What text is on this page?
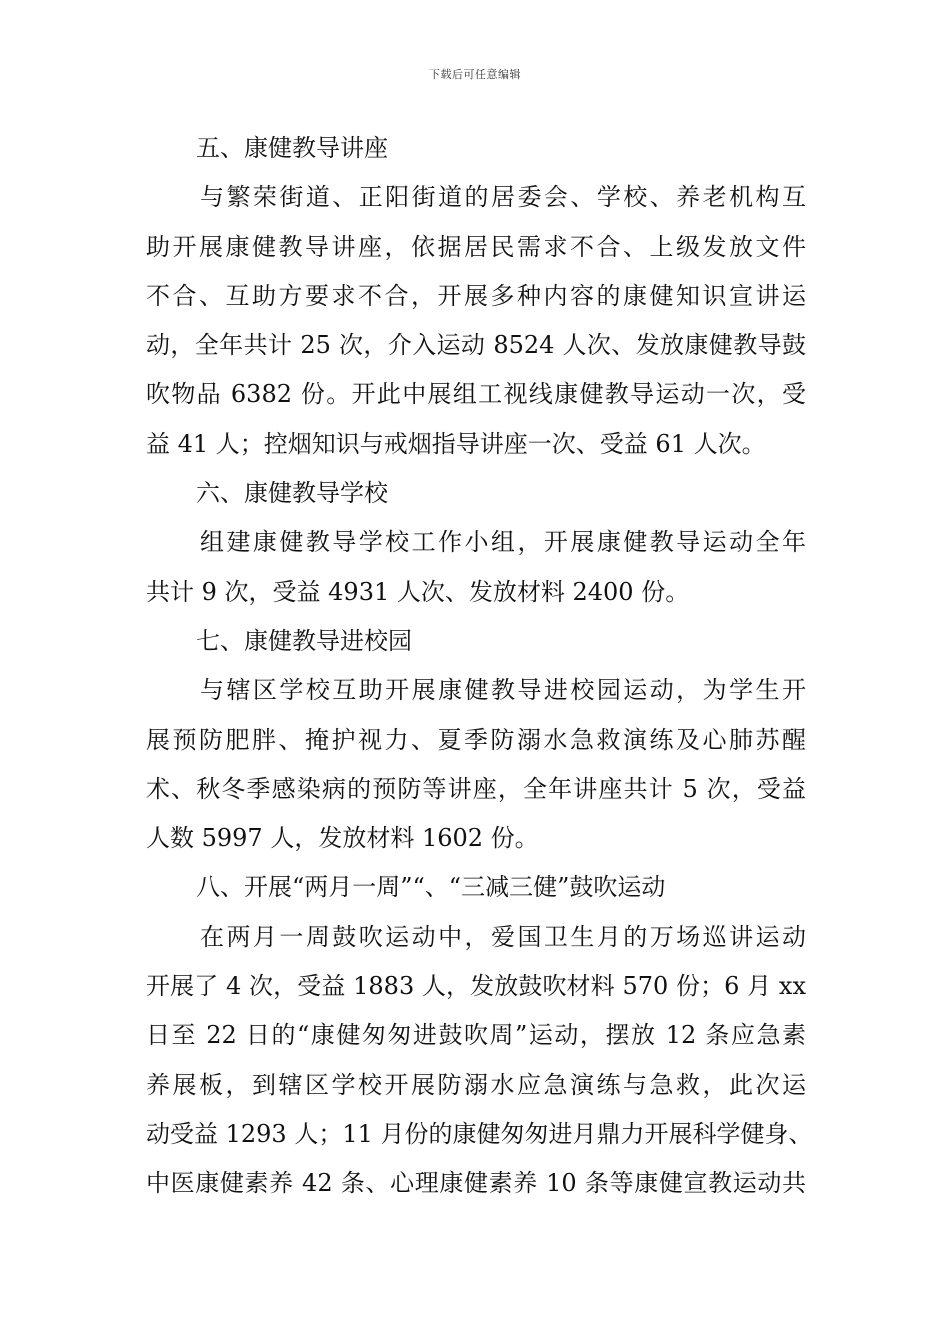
下载后可任意编辑
五、康健教导讲座
与繁荣街道、正阳街道的居委会、学校、养老机构互
助开展康健教导讲座，依据居民需求不合、上级发放文件
不合、互助方要求不合，开展多种内容的康健知识宣讲运
动，全年共计 25 次，介入运动 8524 人次、发放康健教导鼓
吹物品 6382 份。开此中展组工视线康健教导运动一次，受
益 41 人；控烟知识与戒烟指导讲座一次、受益 61 人次。
六、康健教导学校
组建康健教导学校工作小组，开展康健教导运动全年
共计 9 次，受益 4931 人次、发放材料 2400 份。
七、康健教导进校园
与辖区学校互助开展康健教导进校园运动，为学生开
展预防肥胖、掩护视力、夏季防溺水急救演练及心肺苏醒
术、秋冬季感染病的预防等讲座，全年讲座共计 5 次，受益
人数 5997 人，发放材料 1602 份。
八、开展“两月一周”“、“三减三健”鼓吹运动
在两月一周鼓吹运动中，爱国卫生月的万场巡讲运动
开展了 4 次，受益 1883 人，发放鼓吹材料 570 份；6 月 xx
日至 22 日的“康健匆匆进鼓吹周”运动，摆放 12 条应急素
养展板，到辖区学校开展防溺水应急演练与急救，此次运
动受益 1293 人；11 月份的康健匆匆进月鼎力开展科学健身、
中医康健素养 42 条、心理康健素养 10 条等康健宣教运动共
